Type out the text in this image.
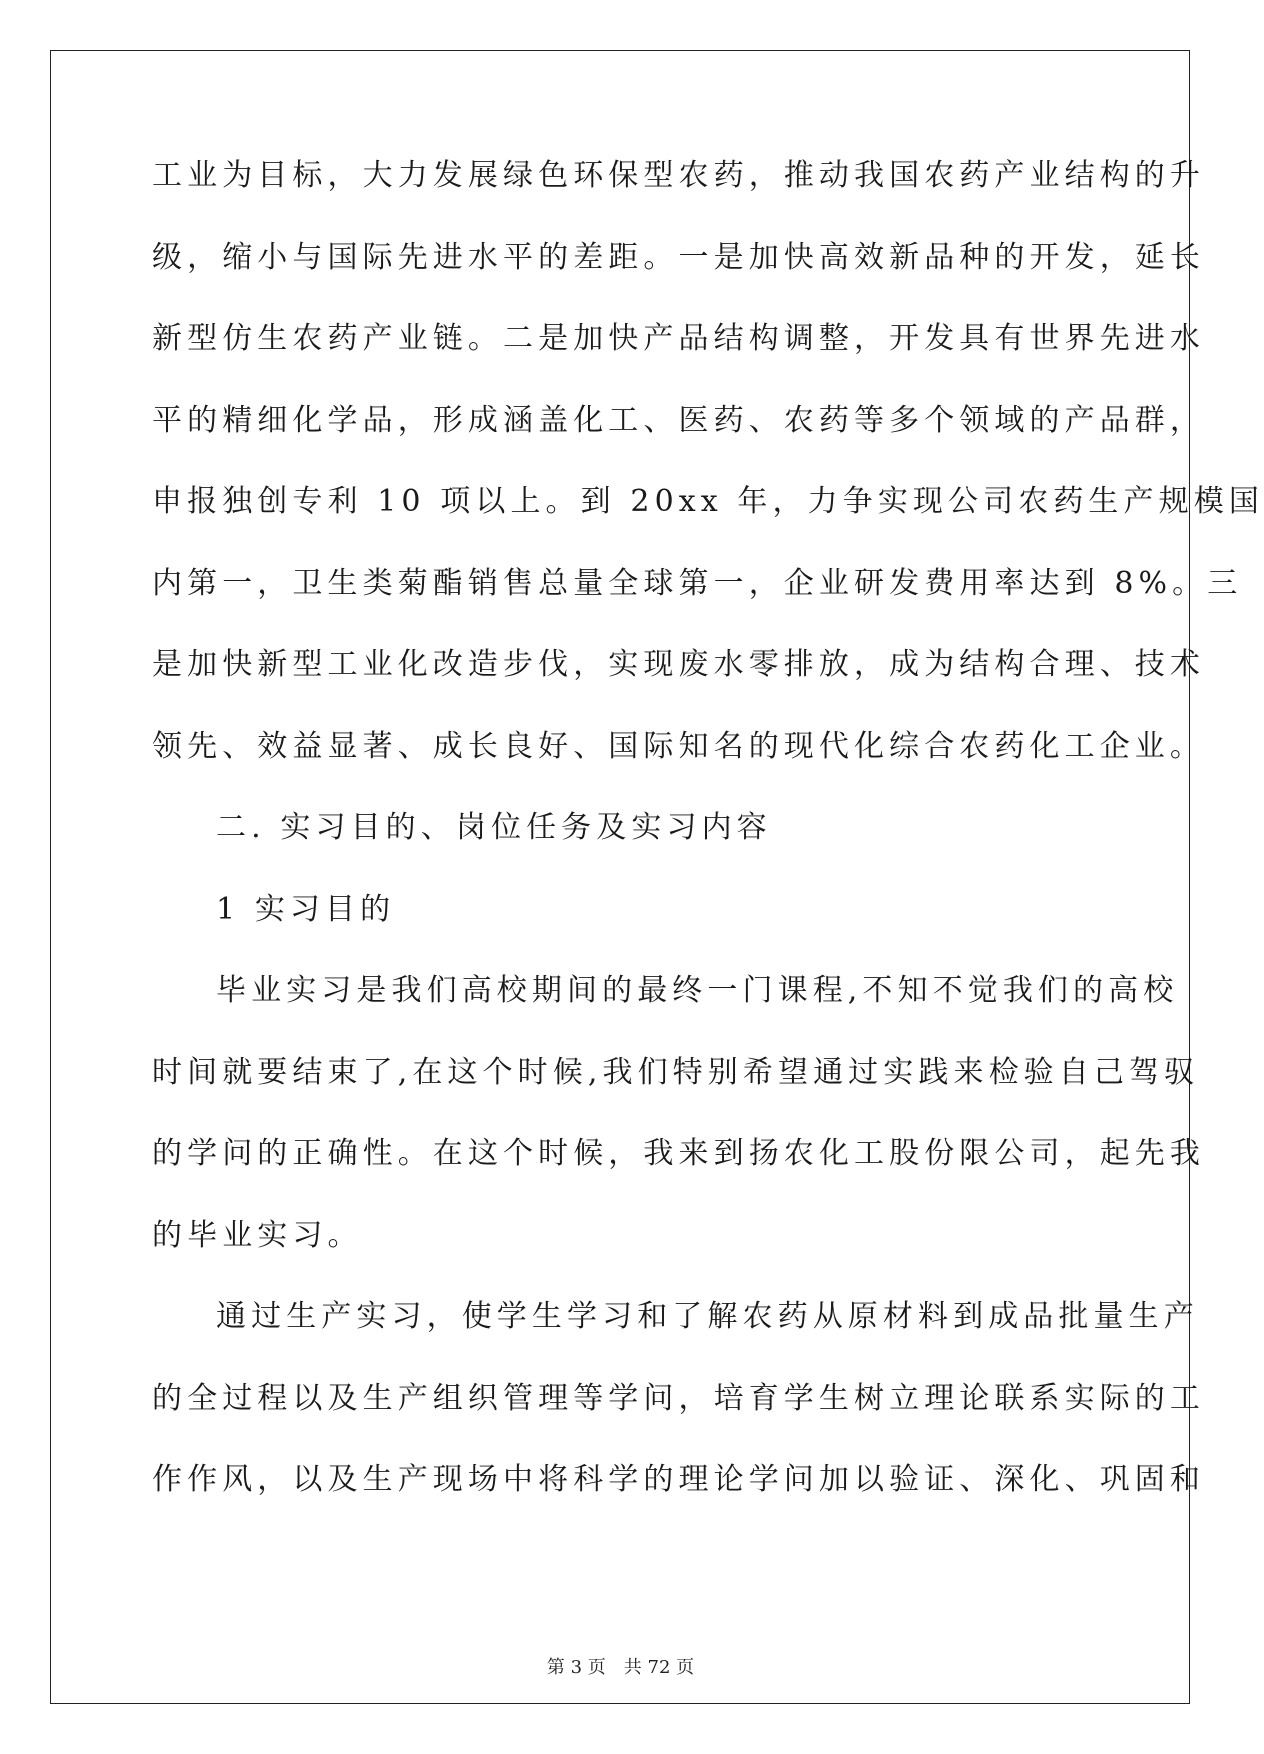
工业为目标，大力发展绿色环保型农药，推动我国农药产业结构的升
级，缩小与国际先进水平的差距。一是加快高效新品种的开发，延长
新型仿生农药产业链。二是加快产品结构调整，开发具有世界先进水
平的精细化学品，形成涵盖化工、医药、农药等多个领域的产品群，
申报独创专利 10 项以上。到 20xx 年，力争实现公司农药生产规模国
内第一，卫生类菊酯销售总量全球第一，企业研发费用率达到 8%。三
是加快新型工业化改造步伐，实现废水零排放，成为结构合理、技术
领先、效益显著、成长良好、国际知名的现代化综合农药化工企业。
二. 实习目的、岗位任务及实习内容
1 实习目的
毕业实习是我们高校期间的最终一门课程,不知不觉我们的高校
时间就要结束了,在这个时候,我们特别希望通过实践来检验自己驾驭
的学问的正确性。在这个时候，我来到扬农化工股份限公司，起先我
的毕业实习。
通过生产实习，使学生学习和了解农药从原材料到成品批量生产
的全过程以及生产组织管理等学问，培育学生树立理论联系实际的工
作作风，以及生产现场中将科学的理论学问加以验证、深化、巩固和
第 3 页　共 72 页
